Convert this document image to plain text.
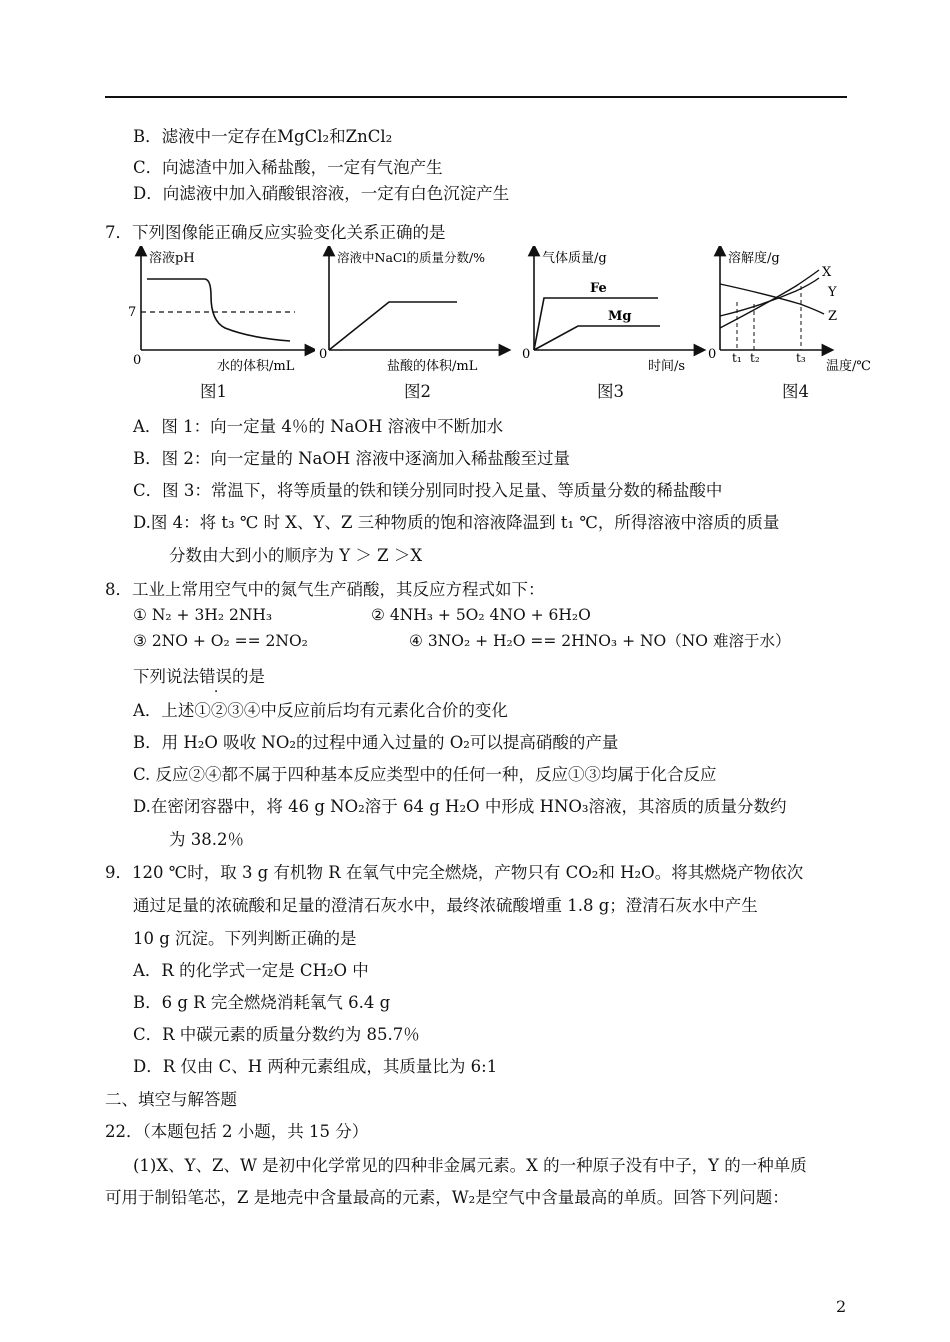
B．滤液中一定存在MgCl₂和ZnCl₂
C．向滤渣中加入稀盐酸，一定有气泡产生
D．向滤液中加入硝酸银溶液，一定有白色沉淀产生
7．下列图像能正确反应实验变化关系正确的是
溶液pH
7
0	水的体积/mL
图1
溶液中NaCl的质量分数/%
0
盐酸的体积/mL
图2
气体质量/g
0
时间/s
Fe
Mg
图3
溶解度/g
0
温度/℃
X
Y
Z
t₁ t₂	t₃
图4
A．图 1：向一定量 4％的 NaOH 溶液中不断加水
B．图 2：向一定量的 NaOH 溶液中逐滴加入稀盐酸至过量
C．图 3：常温下，将等质量的铁和镁分别同时投入足量、等质量分数的稀盐酸中
D.图 4：将 t₃ ℃ 时 X、Y、Z 三种物质的饱和溶液降温到 t₁ ℃，所得溶液中溶质的质量
分数由大到小的顺序为 Y ＞ Z ＞X
8．工业上常用空气中的氮气生产硝酸，其反应方程式如下：
① N₂ + 3H₂ 2NH₃	② 4NH₃ + 5O₂ 4NO + 6H₂O
③ 2NO + O₂ == 2NO₂	④ 3NO₂ + H₂O == 2HNO₃ + NO（NO 难溶于水）
下列说法错误的是
A．上述①②③④中反应前后均有元素化合价的变化
B．用 H₂O 吸收 NO₂的过程中通入过量的 O₂可以提高硝酸的产量
C. 反应②④都不属于四种基本反应类型中的任何一种，反应①③均属于化合反应
D.在密闭容器中，将 46 g NO₂溶于 64 g H₂O 中形成 HNO₃溶液，其溶质的质量分数约
为 38.2％
9．120 ℃时，取 3 g 有机物 R 在氧气中完全燃烧，产物只有 CO₂和 H₂O。将其燃烧产物依次
通过足量的浓硫酸和足量的澄清石灰水中，最终浓硫酸增重 1.8 g；澄清石灰水中产生
10 g 沉淀。下列判断正确的是
A．R 的化学式一定是 CH₂O 中
B．6 g R 完全燃烧消耗氧气 6.4 g
C．R 中碳元素的质量分数约为 85.7％
D．R 仅由 C、H 两种元素组成，其质量比为 6:1
二、填空与解答题
22．（本题包括 2 小题，共 15 分）
(1)X、Y、Z、W 是初中化学常见的四种非金属元素。X 的一种原子没有中子，Y 的一种单质
可用于制铅笔芯，Z 是地壳中含量最高的元素，W₂是空气中含量最高的单质。回答下列问题：
2
